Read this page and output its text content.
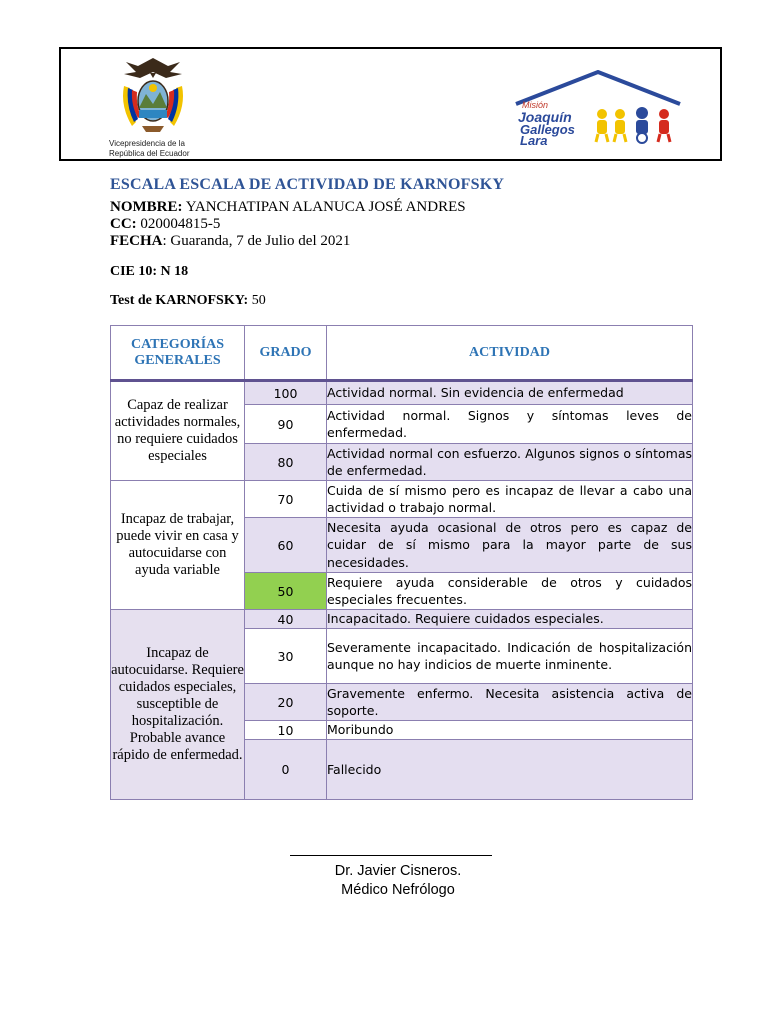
Vicepresidencia de la
República del Ecuador
Misión
Joaquín
Gallegos
Lara
ESCALA ESCALA DE ACTIVIDAD DE KARNOFSKY
NOMBRE: YANCHATIPAN ALANUCA JOSÉ ANDRES
CC: 020004815-5
FECHA: Guaranda, 7 de Julio del 2021
CIE 10: N 18
Test de KARNOFSKY: 50
CATEGORÍAS GENERALES	GRADO	ACTIVIDAD
Capaz de realizar actividades normales, no requiere cuidados especiales	100	Actividad normal. Sin evidencia de enfermedad
	90	Actividad normal. Signos y síntomas leves de enfermedad.
	80	Actividad normal con esfuerzo. Algunos signos o síntomas de enfermedad.
Incapaz de trabajar, puede vivir en casa y autocuidarse con ayuda variable	70	Cuida de sí mismo pero es incapaz de llevar a cabo una actividad o trabajo normal.
	60	Necesita ayuda ocasional de otros pero es capaz de cuidar de sí mismo para la mayor parte de sus necesidades.
	50	Requiere ayuda considerable de otros y cuidados especiales frecuentes.
Incapaz de autocuidarse. Requiere cuidados especiales, susceptible de hospitalización. Probable avance rápido de enfermedad.	40	Incapacitado. Requiere cuidados especiales.
	30	Severamente incapacitado. Indicación de hospitalización aunque no hay indicios de muerte inminente.
	20	Gravemente enfermo. Necesita asistencia activa de soporte.
	10	Moribundo
	0	Fallecido
Dr. Javier Cisneros.
Médico Nefrólogo
